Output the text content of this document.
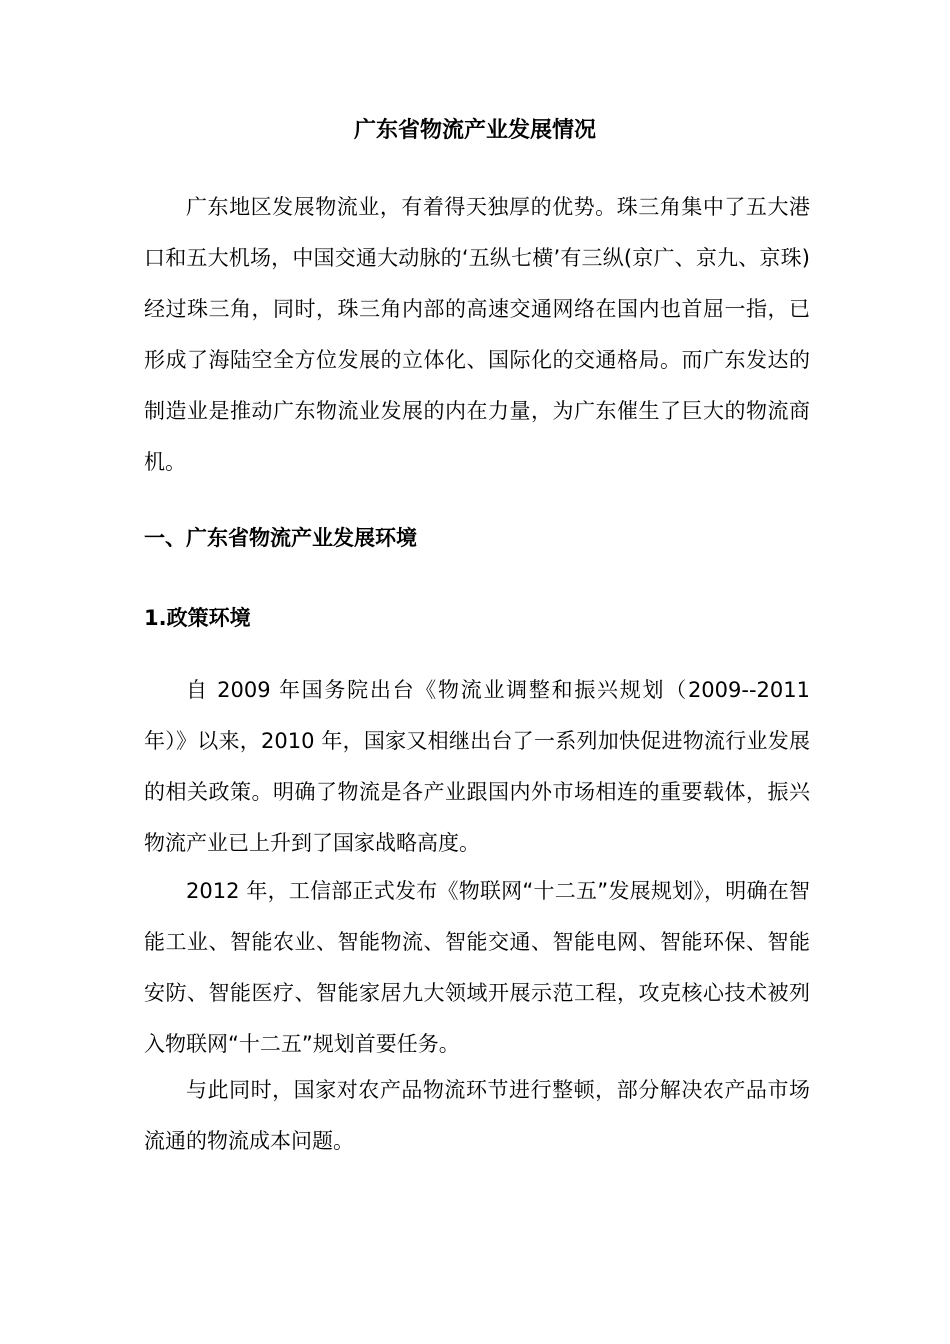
广东省物流产业发展情况

广东地区发展物流业，有着得天独厚的优势。珠三角集中了五大港口和五大机场，中国交通大动脉的‘五纵七横’有三纵(京广、京九、京珠)经过珠三角，同时，珠三角内部的高速交通网络在国内也首屈一指，已形成了海陆空全方位发展的立体化、国际化的交通格局。而广东发达的制造业是推动广东物流业发展的内在力量，为广东催生了巨大的物流商机。

一、广东省物流产业发展环境
1.政策环境

自 2009 年国务院出台《物流业调整和振兴规划（2009--2011 年）》以来，2010 年，国家又相继出台了一系列加快促进物流行业发展的相关政策。明确了物流是各产业跟国内外市场相连的重要载体，振兴物流产业已上升到了国家战略高度。

2012 年，工信部正式发布《物联网“十二五”发展规划》，明确在智能工业、智能农业、智能物流、智能交通、智能电网、智能环保、智能安防、智能医疗、智能家居九大领域开展示范工程，攻克核心技术被列入物联网“十二五”规划首要任务。

与此同时，国家对农产品物流环节进行整顿，部分解决农产品市场流通的物流成本问题。
